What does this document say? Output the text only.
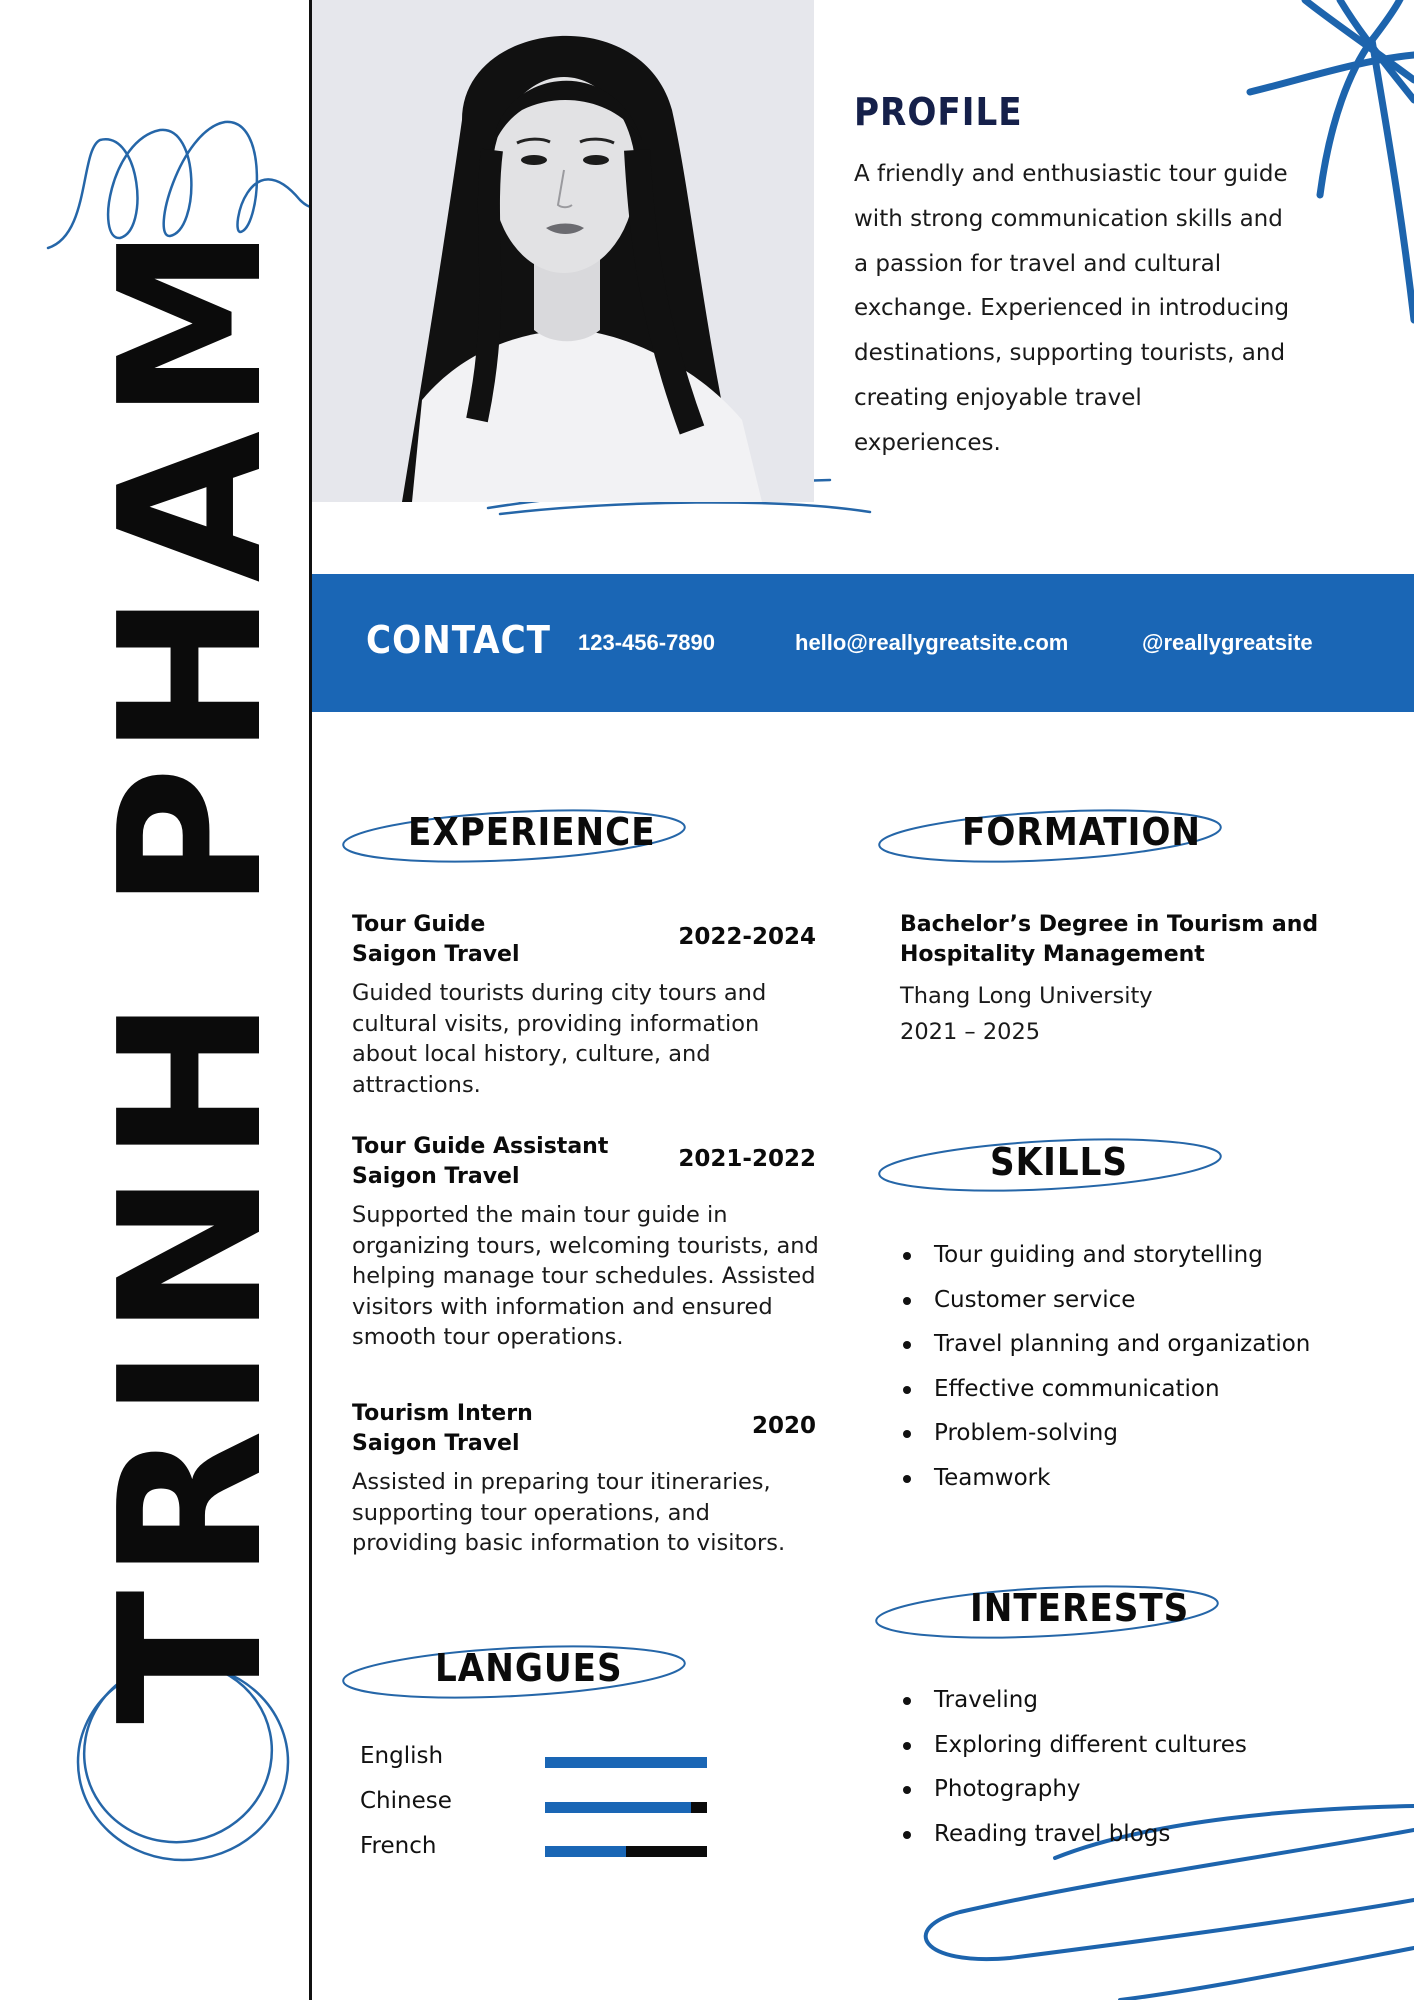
TRINH PHAM
PROFILE
A friendly and enthusiastic tour guide with strong communication skills and a passion for travel and cultural exchange. Experienced in introducing destinations, supporting tourists, and creating enjoyable travel experiences.
CONTACT 123-456-7890	hello@reallygreatsite.com	@reallygreatsite
EXPERIENCE
Tour Guide
Saigon Travel
2022-2024
Guided tourists during city tours and cultural visits, providing information about local history, culture, and attractions.
Tour Guide Assistant
Saigon Travel
2021-2022
Supported the main tour guide in organizing tours, welcoming tourists, and helping manage tour schedules. Assisted visitors with information and ensured smooth tour operations.
Tourism Intern
Saigon Travel
2020
Assisted in preparing tour itineraries, supporting tour operations, and providing basic information to visitors.
LANGUES
English
Chinese
French
FORMATION
Bachelor’s Degree in Tourism and
Hospitality Management
Thang Long University
2021 – 2025
SKILLS
Tour guiding and storytelling
Customer service
Travel planning and organization
Effective communication
Problem-solving
Teamwork
INTERESTS
Traveling
Exploring different cultures
Photography
Reading travel blogs
